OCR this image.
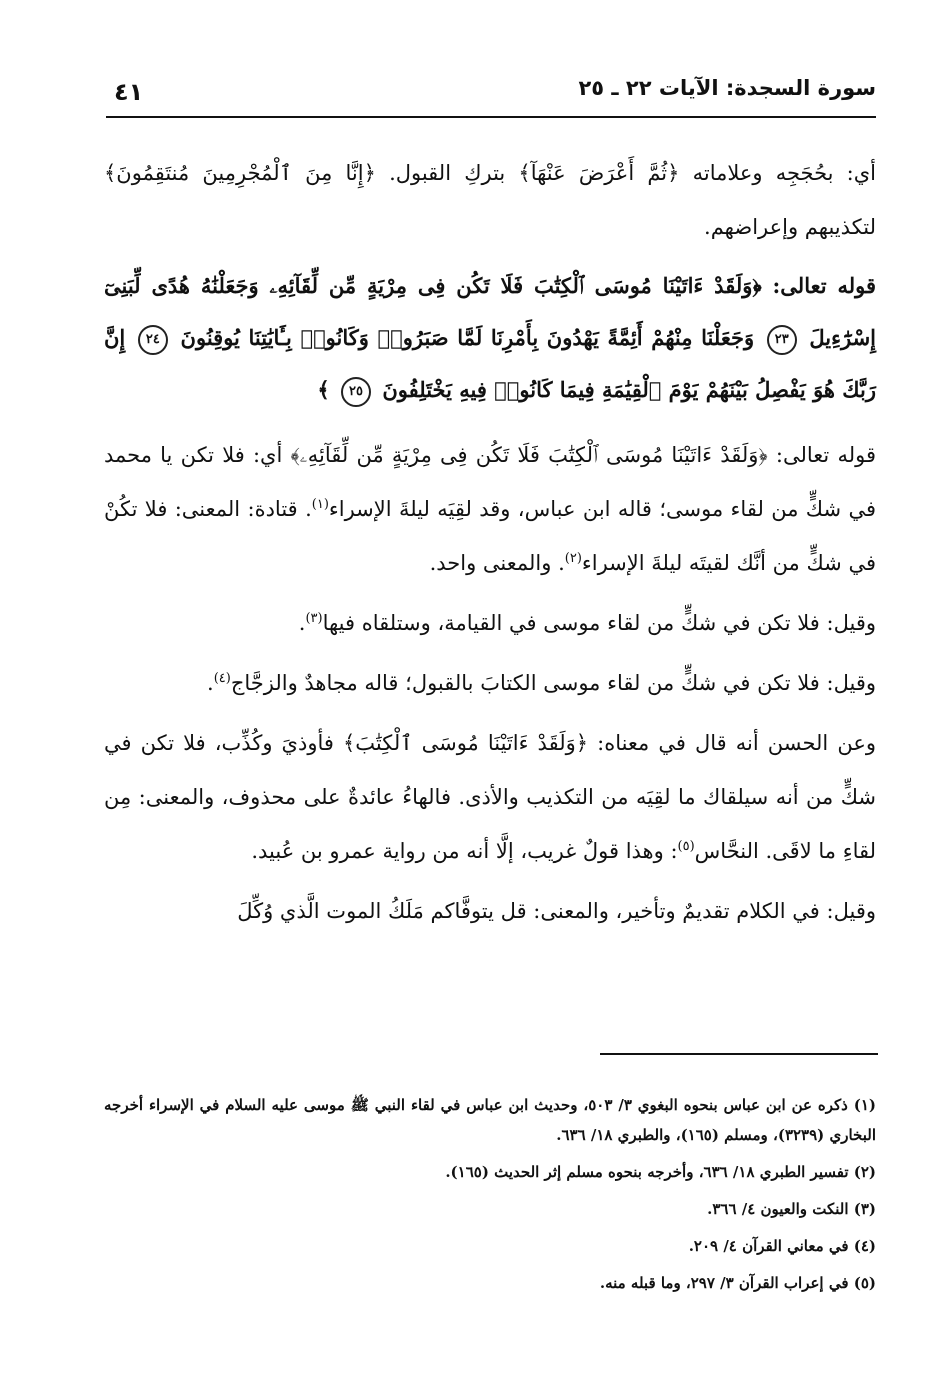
سورة السجدة: الآيات ٢٢ ـ ٢٥
٤١

أي: بحُجَجِه وعلاماته ﴿ثُمَّ أَعْرَضَ عَنْهَآ﴾ بتركِ القبول. ﴿إِنَّا مِنَ ٱلْمُجْرِمِينَ مُنتَقِمُونَ﴾ لتكذيبهم وإعراضهم.

قوله تعالى: ﴿وَلَقَدْ ءَاتَيْنَا مُوسَى ٱلْكِتَٰبَ فَلَا تَكُن فِى مِرْيَةٍ مِّن لِّقَآئِهِۦ وَجَعَلْنَٰهُ هُدًى لِّبَنِىٓ إِسْرَٰٓءِيلَ ٢٣ وَجَعَلْنَا مِنْهُمْ أَئِمَّةً يَهْدُونَ بِأَمْرِنَا لَمَّا صَبَرُوا۟ وَكَانُوا۟ بِـَٔايَٰتِنَا يُوقِنُونَ ٢٤ إِنَّ رَبَّكَ هُوَ يَفْصِلُ بَيْنَهُمْ يَوْمَ ٱلْقِيَٰمَةِ فِيمَا كَانُوا۟ فِيهِ يَخْتَلِفُونَ ٢٥ ﴾

قوله تعالى: ﴿وَلَقَدْ ءَاتَيْنَا مُوسَى ٱلْكِتَٰبَ فَلَا تَكُن فِى مِرْيَةٍ مِّن لِّقَآئِهِۦ﴾ أي: فلا تكن يا محمد في شكٍّ من لقاء موسى؛ قاله ابن عباس، وقد لقِيَه ليلةَ الإسراء$^{(١)}$. قتادة: المعنى: فلا تكُنْ في شكٍّ من أنَّك لقيتَه ليلةَ الإسراء$^{(٢)}$. والمعنى واحد.

وقيل: فلا تكن في شكٍّ من لقاء موسى في القيامة، وستلقاه فيها$^{(٣)}$.

وقيل: فلا تكن في شكٍّ من لقاء موسى الكتابَ بالقبول؛ قاله مجاهدٌ والزجَّاج$^{(٤)}$.

وعن الحسن أنه قال في معناه: ﴿وَلَقَدْ ءَاتَيْنَا مُوسَى ٱلْكِتَٰبَ﴾ فأوذيَ وكُذِّب، فلا تكن في شكٍّ من أنه سيلقاك ما لقِيَه من التكذيب والأذى. فالهاءُ عائدةٌ على محذوف، والمعنى: مِن لقاءِ ما لاقَى. النحَّاس$^{(٥)}$: وهذا قولٌ غريب، إلَّا أنه من رواية عمرو بن عُبيد.

وقيل: في الكلام تقديمٌ وتأخير، والمعنى: قل يتوفَّاكم مَلَكُ الموت الَّذي وُكِّلَ

(١) ذكره عن ابن عباس بنحوه البغوي ٣/ ٥٠٣، وحديث ابن عباس في لقاء النبي ﷺ موسى عليه السلام في الإسراء أخرجه البخاري (٣٢٣٩)، ومسلم (١٦٥)، والطبري ١٨/ ٦٣٦.

(٢) تفسير الطبري ١٨/ ٦٣٦، وأخرجه بنحوه مسلم إثر الحديث (١٦٥).

(٣) النكت والعيون ٤/ ٣٦٦.

(٤) في معاني القرآن ٤/ ٢٠٩.

(٥) في إعراب القرآن ٣/ ٢٩٧، وما قبله منه.
